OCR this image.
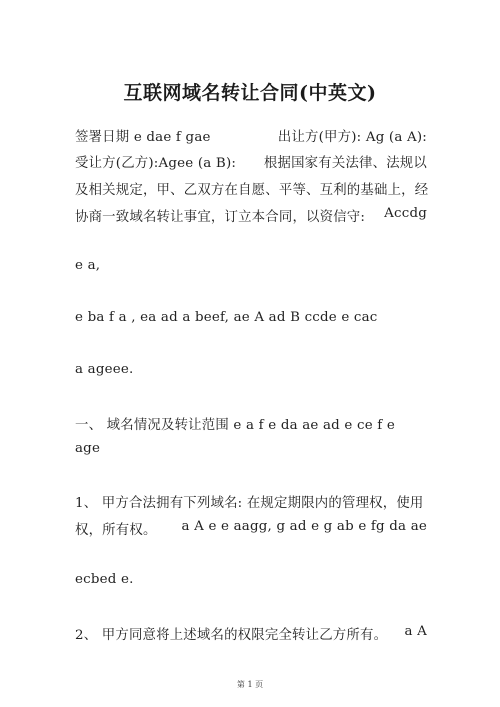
互联网域名转让合同(中英文)
签署日期 e dae f gae	出让方(甲方): Ag (a A):
受让方(乙方):Agee (a B): 根据国家有关法律、法规以
及相关规定，甲、乙双方在自愿、平等、互利的基础上，经
协商一致域名转让事宜，订立本合同，以资信守: Accdg
e a,
e ba f a , ea ad a beef, ae A ad B ccde e cac
a ageee.
一、 域名情况及转让范围 e a f e da ae ad e ce f e
age
1、 甲方合法拥有下列域名: 在规定期限内的管理权，使用
权，所有权。 a A e e aagg, g ad e g ab e fg da ae
ecbed e.
2、 甲方同意将上述域名的权限完全转让乙方所有。 a A
第 1 页
